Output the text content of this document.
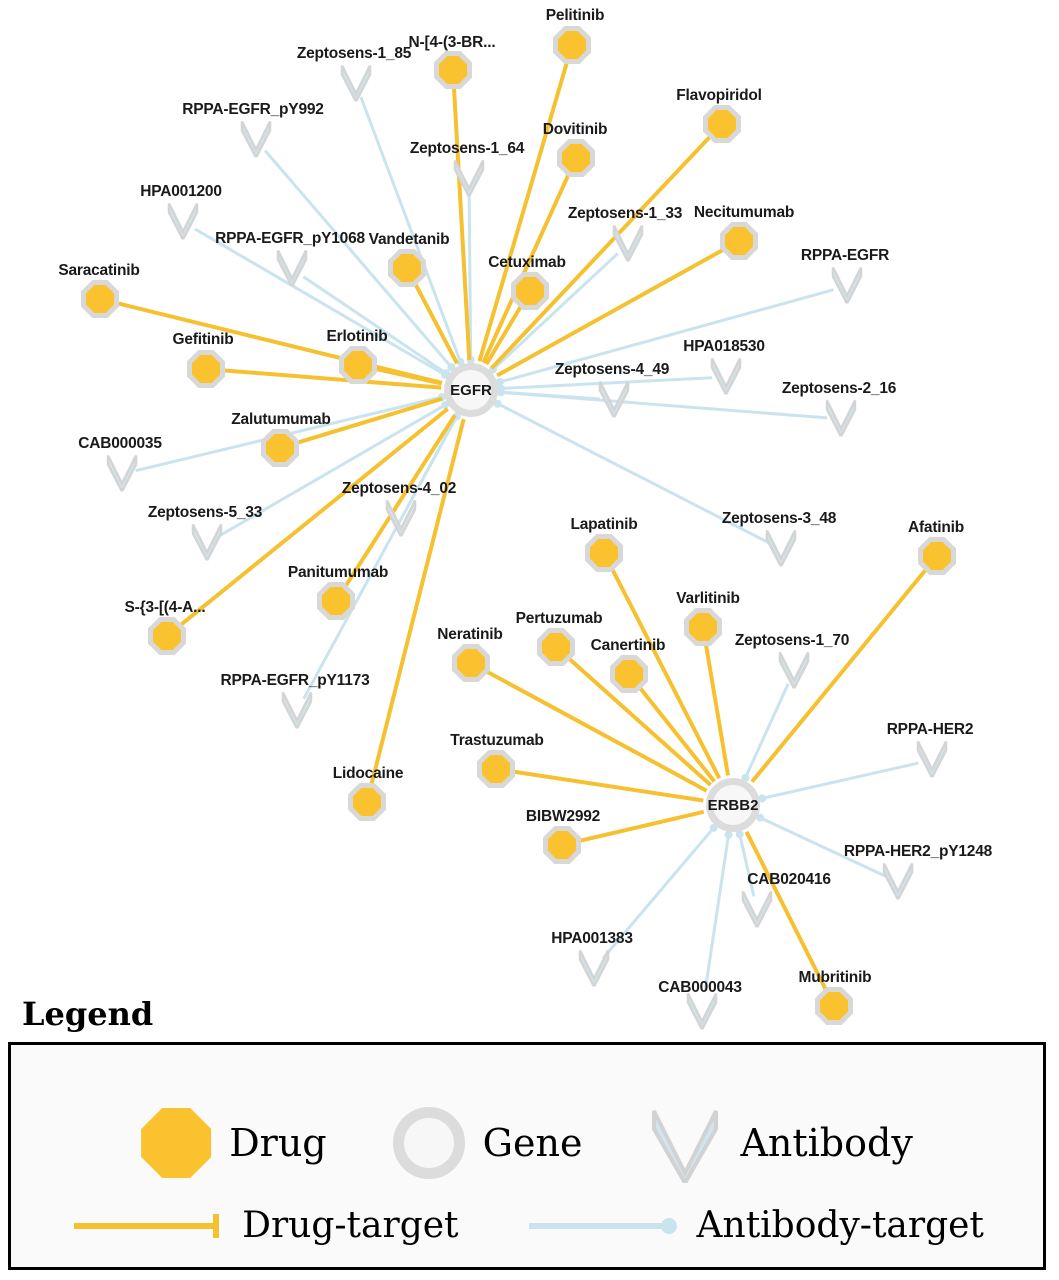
Zeptosens-1_85
RPPA-EGFR_pY992
Zeptosens-1_64
HPA001200
Zeptosens-1_33
RPPA-EGFR_pY1068
RPPA-EGFR
HPA018530
Zeptosens-4_49
Zeptosens-2_16
CAB000035
Zeptosens-4_02
Zeptosens-5_33	Zeptosens-3_48
Zeptosens-1_70
RPPA-EGFR_pY1173
RPPA-HER2
RPPA-HER2_pY1248
CAB020416
HPA001383
CAB000043
Pelitinib
N-[4-(3-BR...
Flavopiridol
Dovitinib
Necitumumab
Vandetanib
Cetuximab
Saracatinib
Erlotinib
Gefitinib
Zalutumumab
Afatinib
Lapatinib
Varlitinib
Panitumumab
S-{3-[(4-A...
Pertuzumab
Neratinib
Canertinib
Trastuzumab
Lidocaine
BIBW2992
Mubritinib
EGFR
ERBB2
Legend
Drug	Gene	Antibody
Drug-target	Antibody-target
